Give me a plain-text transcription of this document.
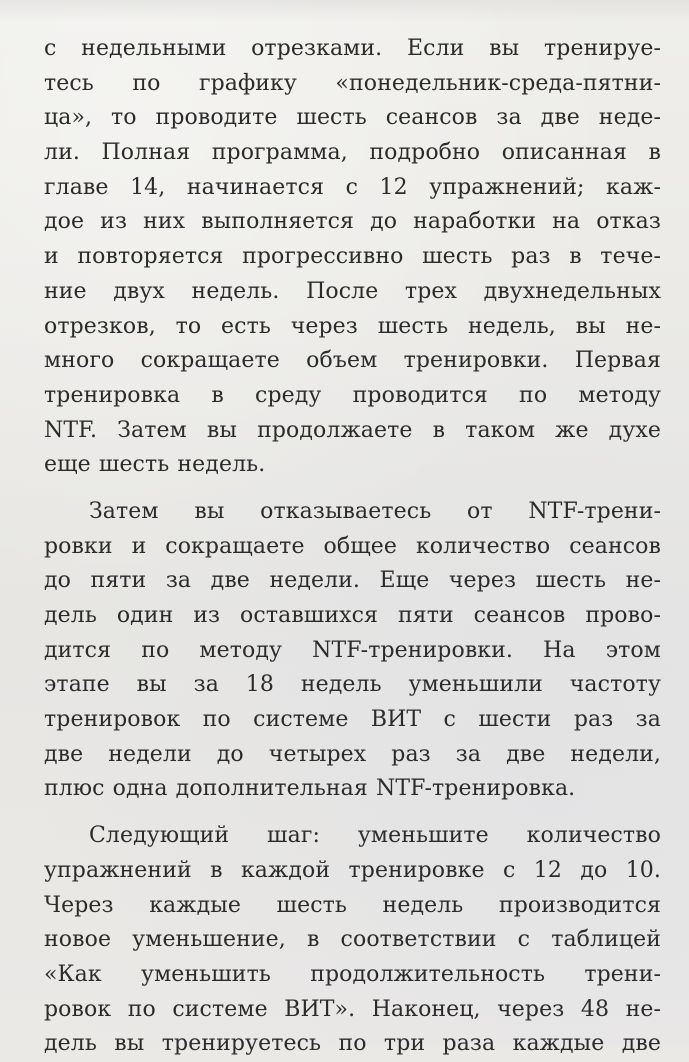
с недельными отрезками. Если вы тренируе-
тесь по графику «понедельник-среда-пятни-
ца», то проводите шесть сеансов за две неде-
ли. Полная программа, подробно описанная в
главе 14, начинается с 12 упражнений; каж-
дое из них выполняется до наработки на отказ
и повторяется прогрессивно шесть раз в тече-
ние двух недель. После трех двухнедельных
отрезков, то есть через шесть недель, вы не-
много сокращаете объем тренировки. Первая
тренировка в среду проводится по методу
NTF. Затем вы продолжаете в таком же духе
еще шесть недель.
Затем вы отказываетесь от NTF-трени-
ровки и сокращаете общее количество сеансов
до пяти за две недели. Еще через шесть не-
дель один из оставшихся пяти сеансов прово-
дится по методу NTF-тренировки. На этом
этапе вы за 18 недель уменьшили частоту
тренировок по системе ВИТ с шести раз за
две недели до четырех раз за две недели,
плюс одна дополнительная NTF-тренировка.
Следующий шаг: уменьшите количество
упражнений в каждой тренировке с 12 до 10.
Через каждые шесть недель производится
новое уменьшение, в соответствии с таблицей
«Как уменьшить продолжительность трени-
ровок по системе ВИТ». Наконец, через 48 не-
дель вы тренируетесь по три раза каждые две
